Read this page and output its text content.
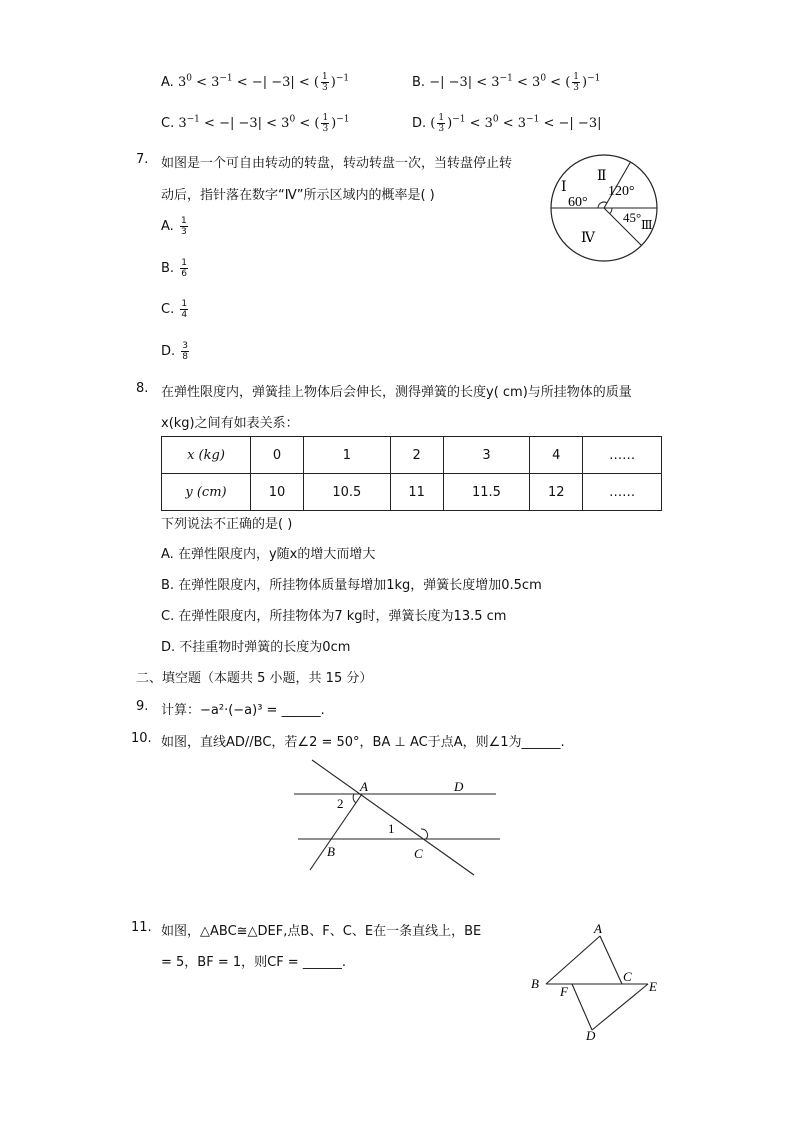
A. $3^0 < 3^{-1}$ < −| −3| < ( $\frac{1}{3} )^{-1}$	B. −| $-3| < 3^{-1} < 3^0$ < ( $\frac{1}{3} )^{-1}$
C. $3^{-1}$ < −| $-3| < 3^0$ < ( $\frac{1}{3} )^{-1}$	D. ( $\frac{1}{3} )^{-1} < 3^0 < 3^{-1}$ < −| −3|
7. 如图是一个可自由转动的转盘，转动转盘一次，当转盘停止转
动后，指针落在数字“Ⅳ”所示区域内的概率是( )
A. $\frac{1}{3}$
B. $\frac{1}{6}$
C. $\frac{1}{4}$
D. $\frac{3}{8}$
Ⅰ
Ⅱ
Ⅲ
Ⅳ
60°
120°
45°
8. 在弹性限度内，弹簧挂上物体后会伸长，测得弹簧的长度y( cm)与所挂物体的质量
x(kg)之间有如表关系：
x (kg)	0	1	2	3	4	……
y (cm)	10	10.5	11	11.5	12	……
下列说法不正确的是( )
A. 在弹性限度内，y随x的增大而增大
B. 在弹性限度内，所挂物体质量每增加1kg，弹簧长度增加0.5cm
C. 在弹性限度内，所挂物体为7 kg时，弹簧长度为13.5 cm
D. 不挂重物时弹簧的长度为0cm
二、填空题（本题共 5 小题，共 15 分）
9. 计算：−a²·(−a)³ = ______.
10. 如图，直线AD//BC，若∠2 = 50°，BA ⊥ AC于点A，则∠1为______.
A	D
2
1
B	C
11. 如图，△ABC≅△DEF,点B、F、C、E在一条直线上，BE
= 5，BF = 1，则CF = ______.
A
B	C
F	E
D
